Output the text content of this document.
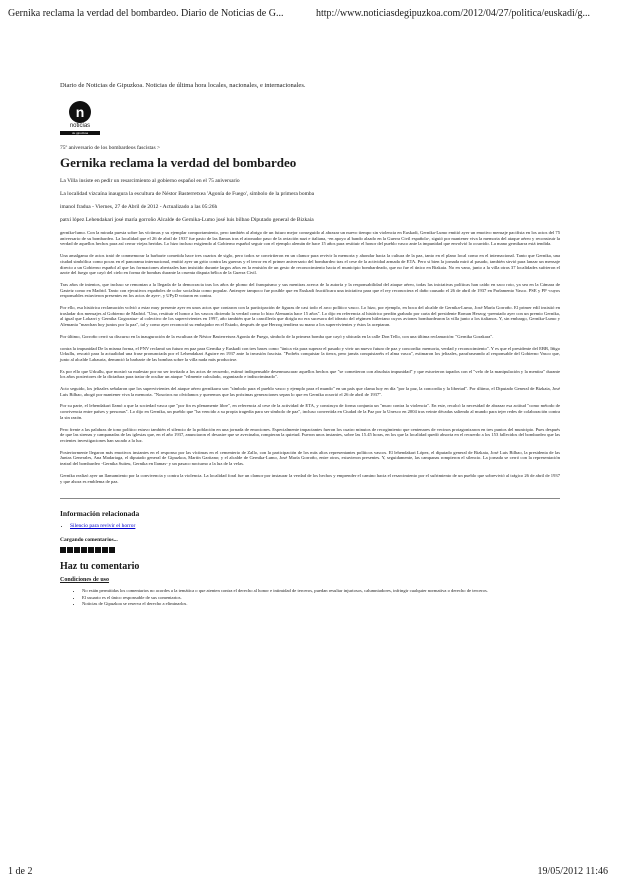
Gernika reclama la verdad del bombardeo. Diario de Noticias de G...	http://www.noticiasdegipuzkoa.com/2012/04/27/politica/euskadi/g...
Diario de Noticias de Gipuzkoa. Noticias de última hora locales, nacionales, e internacionales.
n
noticias
de gipuzkoa
75º aniversario de los bombardeos fascistas >
Gernika reclama la verdad del bombardeo
La Villa insiste en pedir un resarcimiento al gobierno español en el 75 aniversario
La localidad vizcaína inaugura la escultura de Néstor Basterretxea 'Agonía de Fuego', símbolo de la primera bomba
imanol fradua - Viernes, 27 de Abril de 2012 - Actualizado a las 05:26h
patxi lópez Lehendakari josé maría gorroño Alcalde de Gernika-Lumo josé luis bilbao Diputado general de Bizkaia

gernika-lumo. Con la mirada puesta sobre las víctimas y su ejemplar comportamiento, pero también al abrigo de un futuro mejor conseguido al abrazar un nuevo tiempo sin violencia en Euskadi, Gernika-Lumo emitió ayer un emotivo mensaje pacifista en los actos del 75 aniversario de su bombardeo. La localidad que el 26 de abril de 1937 fue pasto de las llamas tras el atronador paso de la aviación nazi e italiana, -en apoyo al bando alzado en la Guerra Civil española-, siguió por mantener viva la memoria del ataque aéreo y reconstruir la verdad de aquellos hechos para así cerrar viejas heridas. Lo hizo incluso exigiendo al Gobierno español seguir con el ejemplo alemán de hace 15 años para restituir el honor del pueblo vasco ante la impunidad que envolvió lo ocurrido. La mano gernikarra está tendida.

Una amalgama de actos trató de conmemorar la barbarie cometida hace tres cuartos de siglo, pero todos se convirtieron en un clamor para revivir la memoria y ahondar hacia la cultura de la paz, tanto en el plano local como en el internacional. Tanto que Gernika, una ciudad simbólica como pocas en el panorama internacional, emitió ayer un grito contra las guerras y el terror en el primer aniversario del bombardeo tras el cese de la actividad armada de ETA. Pero si bien la jornada miró al pasado, también sirvió para lanzar un mensaje directo a un Gobierno español al que las formaciones abertzales han insistido durante largos años en la emisión de un gesto de reconocimiento hacia el municipio bombardeado, que no fue el único en Bizkaia. No en vano, junto a la villa otras 37 localidades sufrieron el azote del fuego que cayó del cielo en forma de bombas durante la cruenta disputa bélica de la Guerra Civil.

Tras años de intentos, que incluso se remontan a la llegada de la democracia tras los años de plomo del franquismo y sus mentiras acerca de la autoría y la responsabilidad del ataque aéreo, todas las iniciativas políticas han caído en saco roto, ya sea en la Cámara de Gasteiz como en Madrid. Tanto con ejecutivos españoles de color socialista como popular. Anteayer tampoco fue posible que en Euskadi fructificara una iniciativa para que el rey reconociera el daño causado el 26 de abril de 1937 en Parlamento Vasco. PSE y PP -cuyos responsables estuvieron presentes en los actos de ayer-, y UPyD votaron en contra.

Por ello, esa histórica reclamación volvió a estar muy presente ayer en unos actos que contaron con la participación de figuras de casi todo el arco político vasco. Lo hizo, por ejemplo, en boca del alcalde de Gernika-Lumo, José María Gorroño. El primer edil insistió en trasladar dos mensajes al Gobierno de Madrid. "Uno, restituir el honor a los vascos diciendo la verdad como lo hizo Alemania hace 15 años". Lo dijo en referencia al histórico perdón grabado por carta del presidente Roman Herzog -premiado ayer con un premio Gernika, al igual que Lokarri y Gernika Gogoratuz- al colectivo de los supervivientes en 1997, año también que la cancillería que dirigía no era sucesora del ideario del régimen hitleriano cuyos aviones bombardearon la villa junto a los italianos. Y, sin embargo, Gernika-Lumo y Alemania "marchan hoy juntos por la paz", tal y como ayer reconoció su embajador en el Estado, después de que Herzog tendiera su mano a los supervivientes y éstos la aceptaran.

Por último, Gorroño cerró su discurso en la inauguración de la escultura de Néstor Basterretxea Agonía de Fuego, símbolo de la primera bomba que cayó y ubicada en la calle Don Tello, con una última reclamación: "Gernika Gorakara".

contra la impunidad De la misma forma, el PNV reclamó un futuro en paz para Gernika y Euskadi con tres bases como "única vía para superar el pasado y vivir un nuevo futuro de paz y concordia: memoria, verdad y reconocimiento". Y es que el presidente del EBB, Iñigo Urkullu, rescató para la actualidad una frase pronunciada por el Lehendakari Aguirre en 1937 ante la invasión fascista. "Podréis conquistar la tierra, pero jamás conquistaréis el alma vasca", estimaron los jeltzales, parafraseando al responsable del Gobierno Vasco que, junto al alcalde Labauria, denunció la barbarie de las bombas sobre la villa nada más producirse.

Es por ello que Urkullu, que mostró su malestar por no ser invitado a los actos de recuerdo, estimó indispensable desenmascarar aquellos hechos que "se cometieron con absoluta impunidad" y que estuvieron tapados con el "velo de la manipulación y la mentira" durante los años posteriores de la dictadura para tratar de ocultar un ataque "vilmente calculado, organizado e indiscriminado".

Acto seguido, los jeltzales señalaron que los supervivientes del ataque aéreo gernikarra son "símbolo para el pueblo vasco y ejemplo para el mundo" en un país que clama hoy en día "por la paz, la concordia y la libertad". Por último, el Diputado General de Bizkaia, José Luis Bilbao, abogó por mantener viva la memoria. "Nosotros no olvidamos y queremos que las próximas generaciones sepan lo que en Gernika ocurrió el 26 de abril de 1937".

Por su parte, el lehendakari llamó a que la sociedad vasca que "por fin es plenamente libre", en referencia al cese de la actividad de ETA, y construya de forma conjunta un "muro contra la violencia". En este, recalcó la necesidad de abrazar esa actitud "como método de convivencia entre países y personas". Lo dijo en Gernika, un pueblo que "ha vencido a su propia tragedia para ser símbolo de paz", incluso convertida en Ciudad de la Paz por la Unesco en 2004 tras veinte décadas saliendo al mundo para tejer redes de colaboración contra la sin razón.

Pero frente a las palabras de tono político estuvo también el silencio de la población en una jornada de emociones. Especialmente impactantes fueron los cuatro minutos de recogimiento que centenares de vecinos protagonizaron en tres puntos del municipio. Pues después de que las sirenas y campanadas de las iglesias que, en el año 1937, anunciaron el desastre que se avecinaba, rompieran la quietud. Fueron unos instantes, sobre las 15.45 horas, en los que la localidad quedó absorta en el recuerdo a los 153 fallecidos del bombardeo que las recientes investigaciones han sacado a la luz.

Posteriormente llegaron más emotivos instantes en el responso por las víctimas en el cementerio de Zallo, con la participación de los más altos representantes políticos vascos. El lehendakari López, el diputado general de Bizkaia, José Luis Bilbao, la presidenta de las Juntas Generales, Ana Madariaga, el diputado general de Gipuzkoa, Martín Garitano; y el alcalde de Gernika-Lumo, José María Gorroño, entre otros, estuvieron presentes. Y, seguidamente, las campanas rompieron el silencio. La jornada se cerró con la representación teatral del bombardeo -Gernika Suiteu, Gernika en llamas- y un pasaco nocturno a la luz de la velas.

Gernika realizó ayer un llamamiento por la convivencia y contra la violencia. La localidad foral fue un clamor por instaurar la verdad de los hechos y emprender el camino hacia el resarcimiento por el sufrimiento de un pueblo que sobrevivió al trágico 26 de abril de 1937 y que ahora es emblema de paz.

Información relacionada
• Silencio para revivir el horror
Cargando comentarios...
Haz tu comentario
Condiciones de uso
• No están permitidas los comentarios no acordes a la temática o que atenten contra el derecho al honor e intimidad de terceros, puedan resultar injuriosos, calumniadores, infringir cualquier normativa o derecho de terceros.
• El usuario es el único responsable de sus comentarios.
• Noticias de Gipuzkoa se reserva el derecho a eliminarlos.
1 de 2	19/05/2012 11:46
